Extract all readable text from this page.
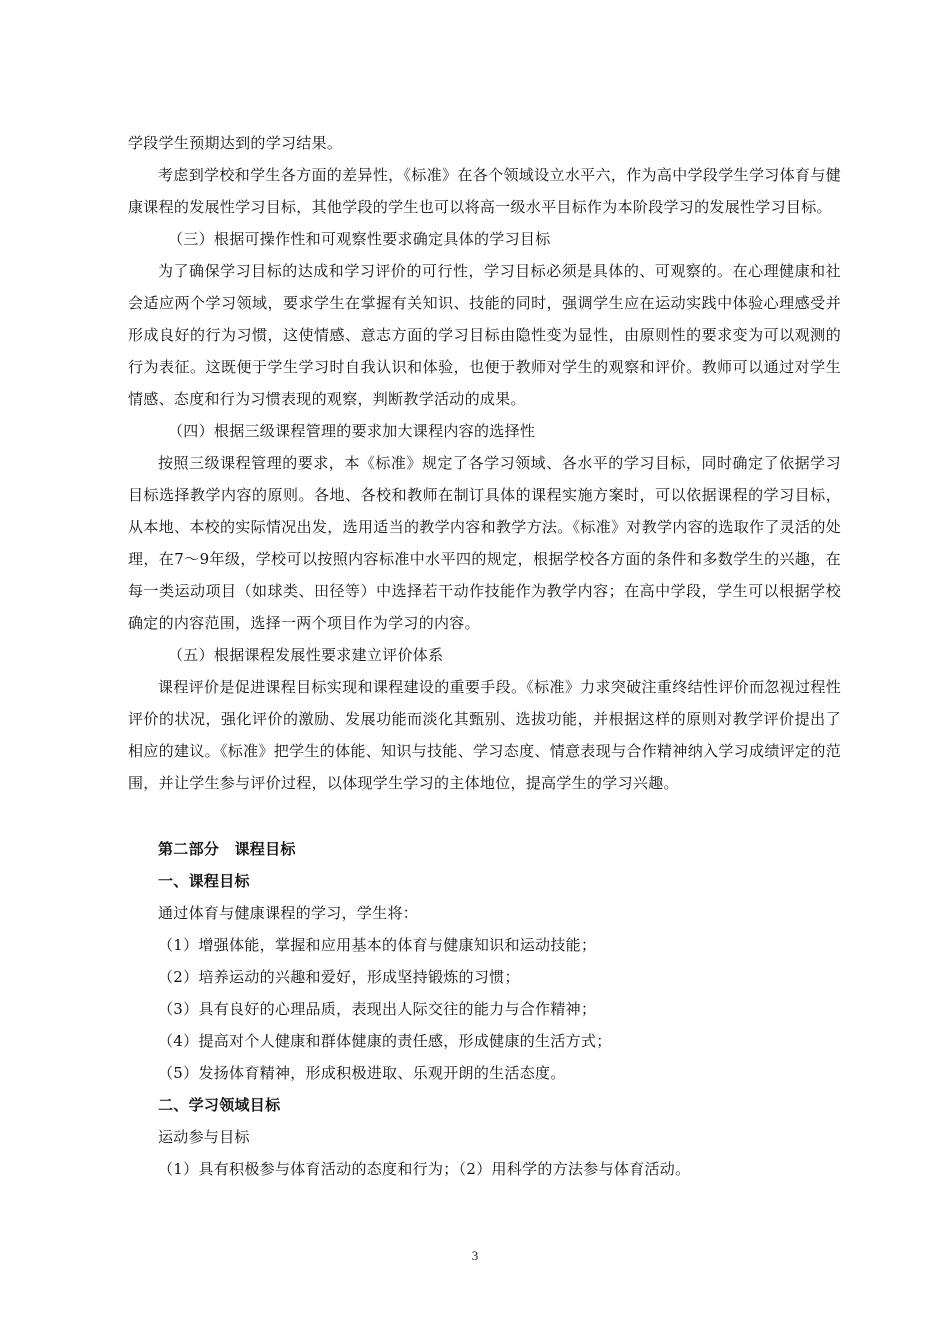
学段学生预期达到的学习结果。

考虑到学校和学生各方面的差异性，《标准》在各个领域设立水平六，作为高中学段学生学习体育与健康课程的发展性学习目标，其他学段的学生也可以将高一级水平目标作为本阶段学习的发展性学习目标。

（三）根据可操作性和可观察性要求确定具体的学习目标

为了确保学习目标的达成和学习评价的可行性，学习目标必须是具体的、可观察的。在心理健康和社会适应两个学习领域，要求学生在掌握有关知识、技能的同时，强调学生应在运动实践中体验心理感受并形成良好的行为习惯，这使情感、意志方面的学习目标由隐性变为显性，由原则性的要求变为可以观测的行为表征。这既便于学生学习时自我认识和体验，也便于教师对学生的观察和评价。教师可以通过对学生情感、态度和行为习惯表现的观察，判断教学活动的成果。

（四）根据三级课程管理的要求加大课程内容的选择性

按照三级课程管理的要求，本《标准》规定了各学习领域、各水平的学习目标，同时确定了依据学习目标选择教学内容的原则。各地、各校和教师在制订具体的课程实施方案时，可以依据课程的学习目标，从本地、本校的实际情况出发，选用适当的教学内容和教学方法。《标准》对教学内容的选取作了灵活的处理，在7～9年级，学校可以按照内容标准中水平四的规定，根据学校各方面的条件和多数学生的兴趣，在每一类运动项目（如球类、田径等）中选择若干动作技能作为教学内容；在高中学段，学生可以根据学校确定的内容范围，选择一两个项目作为学习的内容。

（五）根据课程发展性要求建立评价体系

课程评价是促进课程目标实现和课程建设的重要手段。《标准》力求突破注重终结性评价而忽视过程性评价的状况，强化评价的激励、发展功能而淡化其甄别、选拔功能，并根据这样的原则对教学评价提出了相应的建议。《标准》把学生的体能、知识与技能、学习态度、情意表现与合作精神纳入学习成绩评定的范围，并让学生参与评价过程，以体现学生学习的主体地位，提高学生的学习兴趣。

第二部分　课程目标

一、课程目标

通过体育与健康课程的学习，学生将：

（1）增强体能，掌握和应用基本的体育与健康知识和运动技能；

（2）培养运动的兴趣和爱好，形成坚持锻炼的习惯；

（3）具有良好的心理品质，表现出人际交往的能力与合作精神；

（4）提高对个人健康和群体健康的责任感，形成健康的生活方式；

（5）发扬体育精神，形成积极进取、乐观开朗的生活态度。

二、学习领域目标

运动参与目标

（1）具有积极参与体育活动的态度和行为；（2）用科学的方法参与体育活动。

3
